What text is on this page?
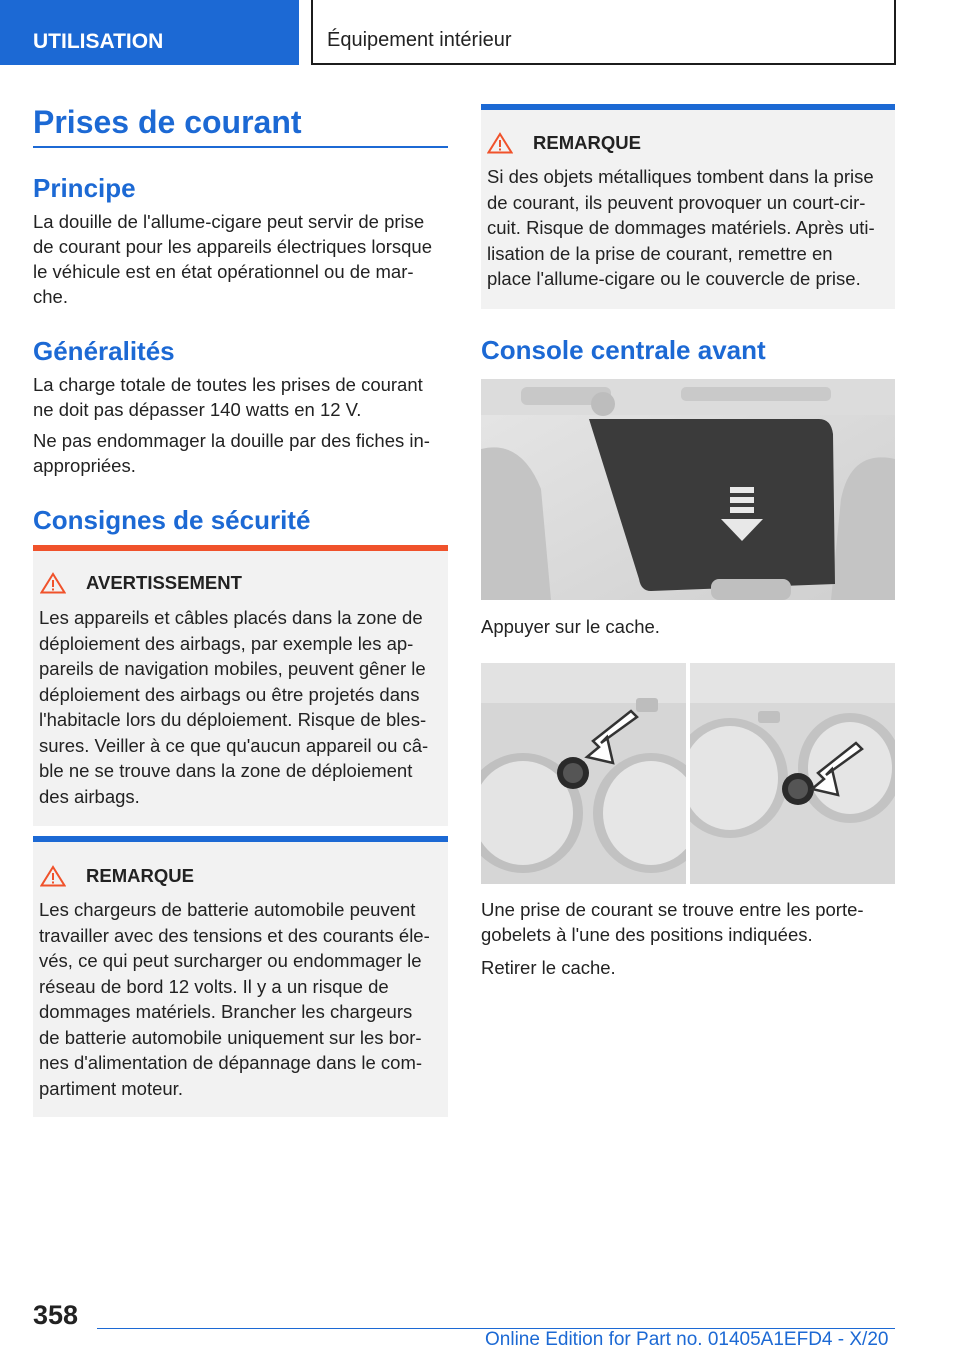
UTILISATION	Équipement intérieur
Prises de courant
Principe
La douille de l'allume-cigare peut servir de prise
de courant pour les appareils électriques lorsque
le véhicule est en état opérationnel ou de mar-
che.
Généralités
La charge totale de toutes les prises de courant
ne doit pas dépasser 140 watts en 12 V.
Ne pas endommager la douille par des fiches in-
appropriées.
Consignes de sécurité
AVERTISSEMENT
Les appareils et câbles placés dans la zone de
déploiement des airbags, par exemple les ap-
pareils de navigation mobiles, peuvent gêner le
déploiement des airbags ou être projetés dans
l'habitacle lors du déploiement. Risque de bles-
sures. Veiller à ce que qu'aucun appareil ou câ-
ble ne se trouve dans la zone de déploiement
des airbags.
REMARQUE
Les chargeurs de batterie automobile peuvent
travailler avec des tensions et des courants éle-
vés, ce qui peut surcharger ou endommager le
réseau de bord 12 volts. Il y a un risque de
dommages matériels. Brancher les chargeurs
de batterie automobile uniquement sur les bor-
nes d'alimentation de dépannage dans le com-
partiment moteur.
REMARQUE
Si des objets métalliques tombent dans la prise
de courant, ils peuvent provoquer un court-cir-
cuit. Risque de dommages matériels. Après uti-
lisation de la prise de courant, remettre en
place l'allume-cigare ou le couvercle de prise.
Console centrale avant
Appuyer sur le cache.
Une prise de courant se trouve entre les porte-
gobelets à l'une des positions indiquées.
Retirer le cache.
358
Online Edition for Part no. 01405A1EFD4 - X/20
